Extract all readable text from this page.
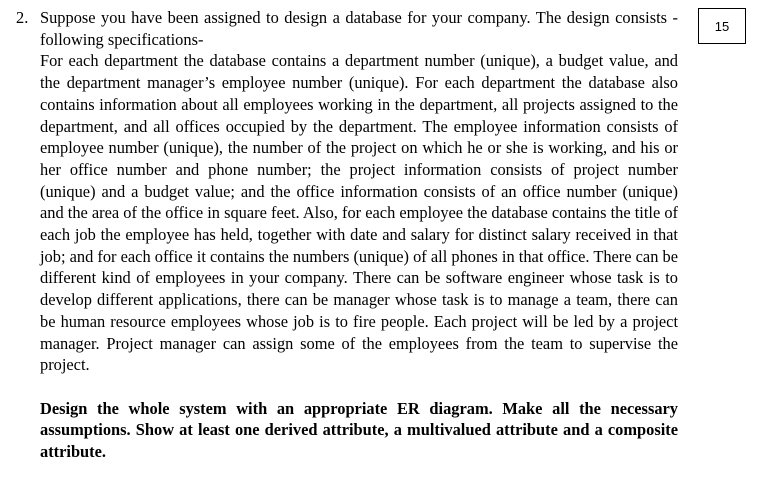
2. Suppose you have been assigned to design a database for your company. The design consists -following specifications-

For each department the database contains a department number (unique), a budget value, and the department manager’s employee number (unique). For each department the database also contains information about all employees working in the department, all projects assigned to the department, and all offices occupied by the department. The employee information consists of employee number (unique), the number of the project on which he or she is working, and his or her office number and phone number; the project information consists of project number (unique) and a budget value; and the office information consists of an office number (unique) and the area of the office in square feet. Also, for each employee the database contains the title of each job the employee has held, together with date and salary for distinct salary received in that job; and for each office it contains the numbers (unique) of all phones in that office. There can be different kind of employees in your company. There can be software engineer whose task is to develop different applications, there can be manager whose task is to manage a team, there can be human resource employees whose job is to fire people. Each project will be led by a project manager. Project manager can assign some of the employees from the team to supervise the project.

Design the whole system with an appropriate ER diagram. Make all the necessary assumptions. Show at least one derived attribute, a multivalued attribute and a composite attribute.

15
